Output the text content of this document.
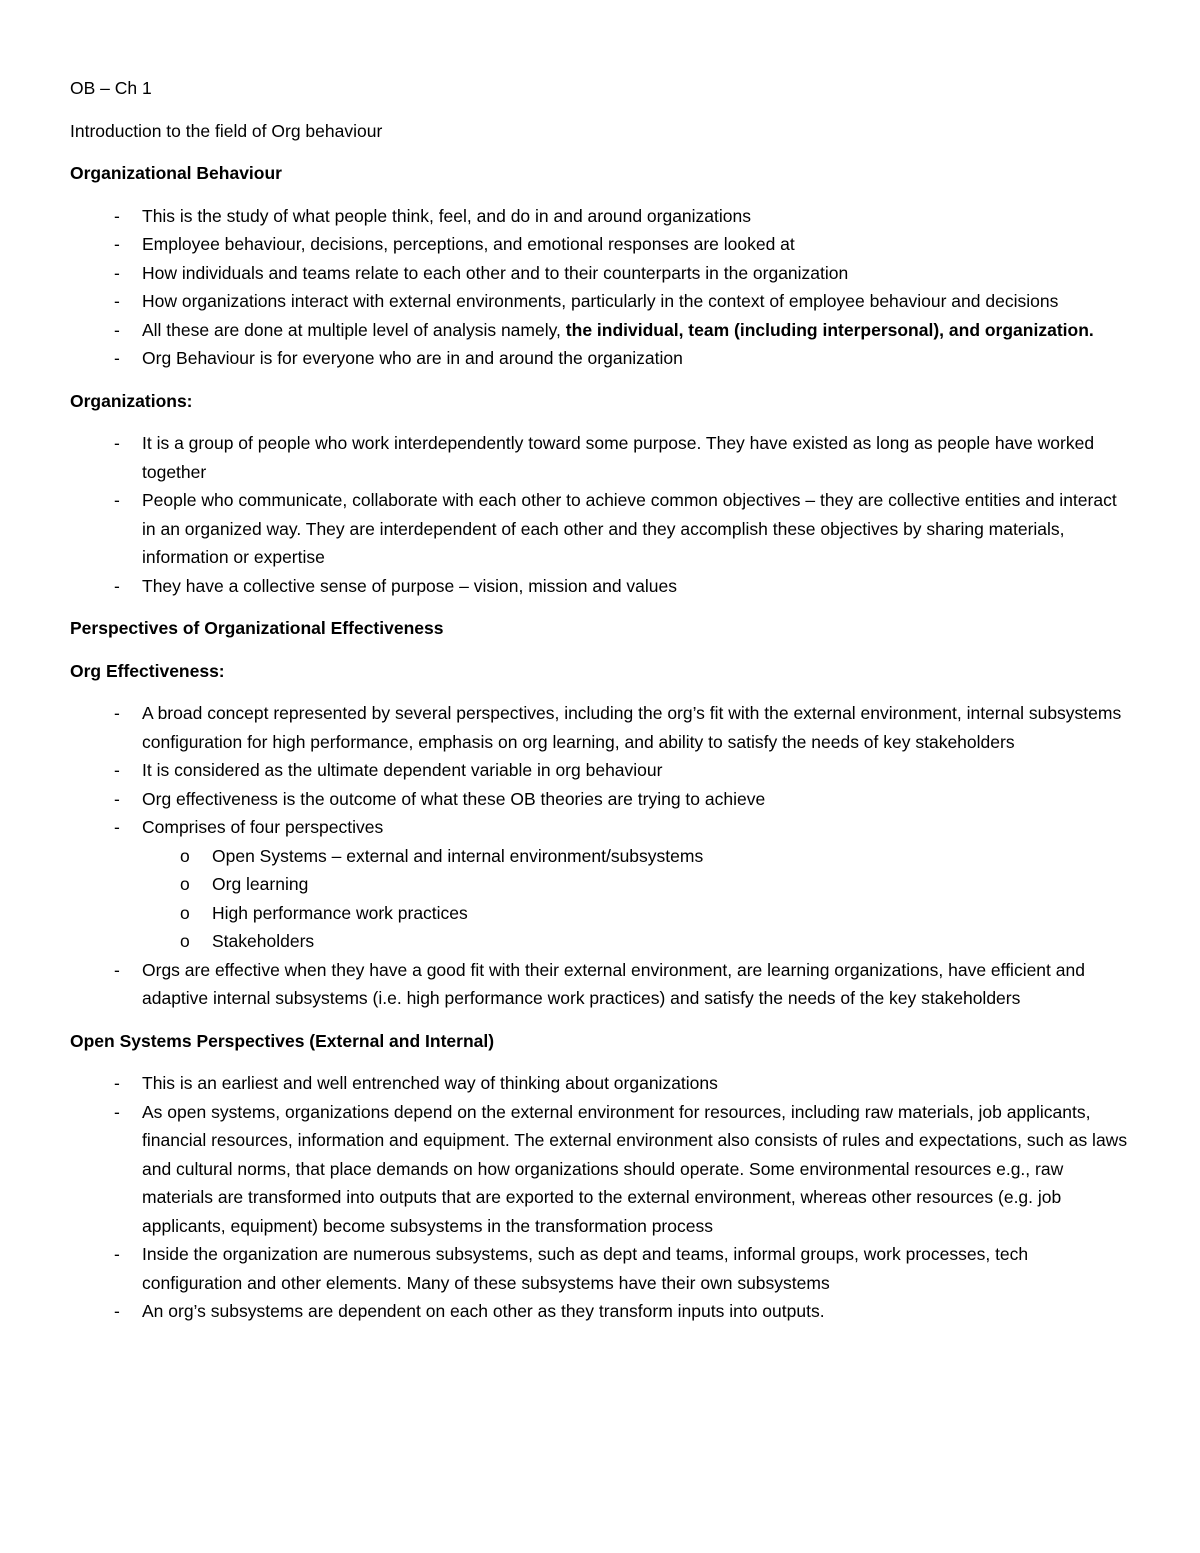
OB – Ch 1

Introduction to the field of Org behaviour

Organizational Behaviour

- This is the study of what people think, feel, and do in and around organizations
- Employee behaviour, decisions, perceptions, and emotional responses are looked at
- How individuals and teams relate to each other and to their counterparts in the organization
- How organizations interact with external environments, particularly in the context of employee behaviour and decisions
- All these are done at multiple level of analysis namely, the individual, team (including interpersonal), and organization.
- Org Behaviour is for everyone who are in and around the organization

Organizations:

- It is a group of people who work interdependently toward some purpose. They have existed as long as people have worked together
- People who communicate, collaborate with each other to achieve common objectives – they are collective entities and interact in an organized way. They are interdependent of each other and they accomplish these objectives by sharing materials, information or expertise
- They have a collective sense of purpose – vision, mission and values

Perspectives of Organizational Effectiveness

Org Effectiveness:

- A broad concept represented by several perspectives, including the org’s fit with the external environment, internal subsystems configuration for high performance, emphasis on org learning, and ability to satisfy the needs of key stakeholders
- It is considered as the ultimate dependent variable in org behaviour
- Org effectiveness is the outcome of what these OB theories are trying to achieve
- Comprises of four perspectives
o Open Systems – external and internal environment/subsystems
o Org learning
o High performance work practices
o Stakeholders
- Orgs are effective when they have a good fit with their external environment, are learning organizations, have efficient and adaptive internal subsystems (i.e. high performance work practices) and satisfy the needs of the key stakeholders

Open Systems Perspectives (External and Internal)

- This is an earliest and well entrenched way of thinking about organizations
- As open systems, organizations depend on the external environment for resources, including raw materials, job applicants, financial resources, information and equipment. The external environment also consists of rules and expectations, such as laws and cultural norms, that place demands on how organizations should operate. Some environmental resources e.g., raw materials are transformed into outputs that are exported to the external environment, whereas other resources (e.g. job applicants, equipment) become subsystems in the transformation process
- Inside the organization are numerous subsystems, such as dept and teams, informal groups, work processes, tech configuration and other elements. Many of these subsystems have their own subsystems
- An org’s subsystems are dependent on each other as they transform inputs into outputs.
